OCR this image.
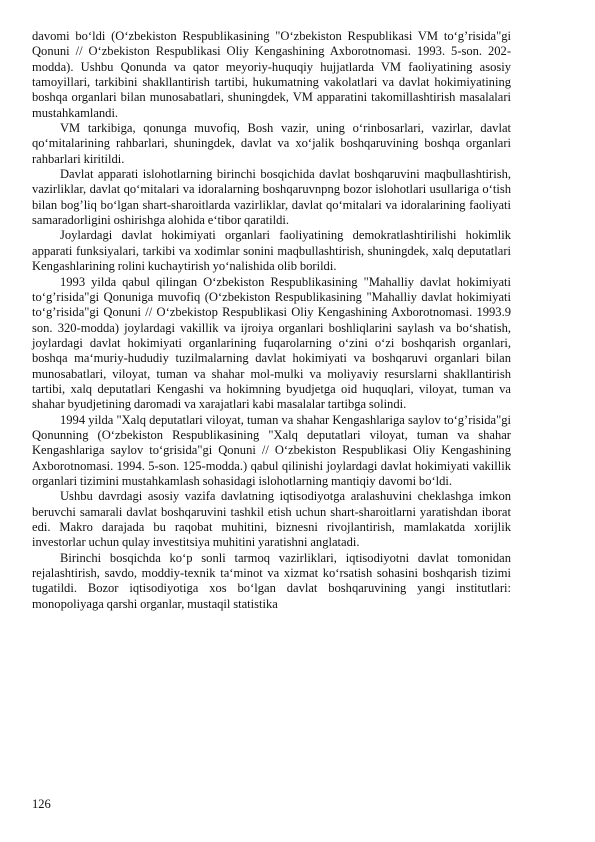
davomi bo‘ldi (O‘zbekiston Respublikasining "O‘zbekiston Respublikasi VM to‘g’risida"gi Qonuni // O‘zbekiston Respublikasi Oliy Kengashining Axborotnomasi. 1993. 5-son. 202-modda). Ushbu Qonunda va qator meyoriy-huquqiy hujjatlarda VM faoliyatining asosiy tamoyillari, tarkibini shakllantirish tartibi, hukumatning vakolatlari va davlat hokimiyatining boshqa organlari bilan munosabatlari, shuningdek, VM apparatini takomillashtirish masalalari mustahkamlandi.

VM tarkibiga, qonunga muvofiq, Bosh vazir, uning o‘rinbosarlari, vazirlar, davlat qo‘mitalarining rahbarlari, shuningdek, davlat va xo‘jalik boshqaruvining boshqa organlari rahbarlari kiritildi.

Davlat apparati islohotlarning birinchi bosqichida davlat boshqaruvini maqbullashtirish, vazirliklar, davlat qo‘mitalari va idoralarning boshqaruvnpng bozor islohotlari usullariga o‘tish bilan bog’liq bo‘lgan shart-sharoitlarda vazirliklar, davlat qo‘mitalari va idoralarining faoliyati samaradorligini oshirishga alohida e‘tibor qaratildi.

Joylardagi davlat hokimiyati organlari faoliyatining demokratlashtirilishi hokimlik apparati funksiyalari, tarkibi va xodimlar sonini maqbullashtirish, shuningdek, xalq deputatlari Kengashlarining rolini kuchaytirish yo‘nalishida olib borildi.

1993 yilda qabul qilingan O‘zbekiston Respublikasining "Mahalliy davlat hokimiyati to‘g’risida"gi Qonuniga muvofiq (O‘zbekiston Respublikasining "Mahalliy davlat hokimiyati to‘g’risida"gi Qonuni // O‘zbekistop Respublikasi Oliy Kengashining Axborotnomasi. 1993.9 son. 320-modda) joylardagi vakillik va ijroiya organlari boshliqlarini saylash va bo‘shatish, joylardagi davlat hokimiyati organlarining fuqarolarning o‘zini o‘zi boshqarish organlari, boshqa ma‘muriy-hududiy tuzilmalarning davlat hokimiyati va boshqaruvi organlari bilan munosabatlari, viloyat, tuman va shahar mol-mulki va moliyaviy resurslarni shakllantirish tartibi, xalq deputatlari Kengashi va hokimning byudjetga oid huquqlari, viloyat, tuman va shahar byudjetining daromadi va xarajatlari kabi masalalar tartibga solindi.

1994 yilda "Xalq deputatlari viloyat, tuman va shahar Kengashlariga saylov to‘g’risida"gi Qonunning (O‘zbekiston Respublikasining "Xalq deputatlari viloyat, tuman va shahar Kengashlariga saylov to‘grisida"gi Qonuni // O‘zbekiston Respublikasi Oliy Kengashining Axborotnomasi. 1994. 5-son. 125-modda.) qabul qilinishi joylardagi davlat hokimiyati vakillik organlari tizimini mustahkamlash sohasidagi islohotlarning mantiqiy davomi bo‘ldi.

Ushbu davrdagi asosiy vazifa davlatning iqtisodiyotga aralashuvini cheklashga imkon beruvchi samarali davlat boshqaruvini tashkil etish uchun shart-sharoitlarni yaratishdan iborat edi. Makro darajada bu raqobat muhitini, biznesni rivojlantirish, mamlakatda xorijlik investorlar uchun qulay investitsiya muhitini yaratishni anglatadi.

Birinchi bosqichda ko‘p sonli tarmoq vazirliklari, iqtisodiyotni davlat tomonidan rejalashtirish, savdo, moddiy-texnik ta‘minot va xizmat ko‘rsatish sohasini boshqarish tizimi tugatildi. Bozor iqtisodiyotiga xos bo‘lgan davlat boshqaruvining yangi institutlari: monopoliyaga qarshi organlar, mustaqil statistika

126
